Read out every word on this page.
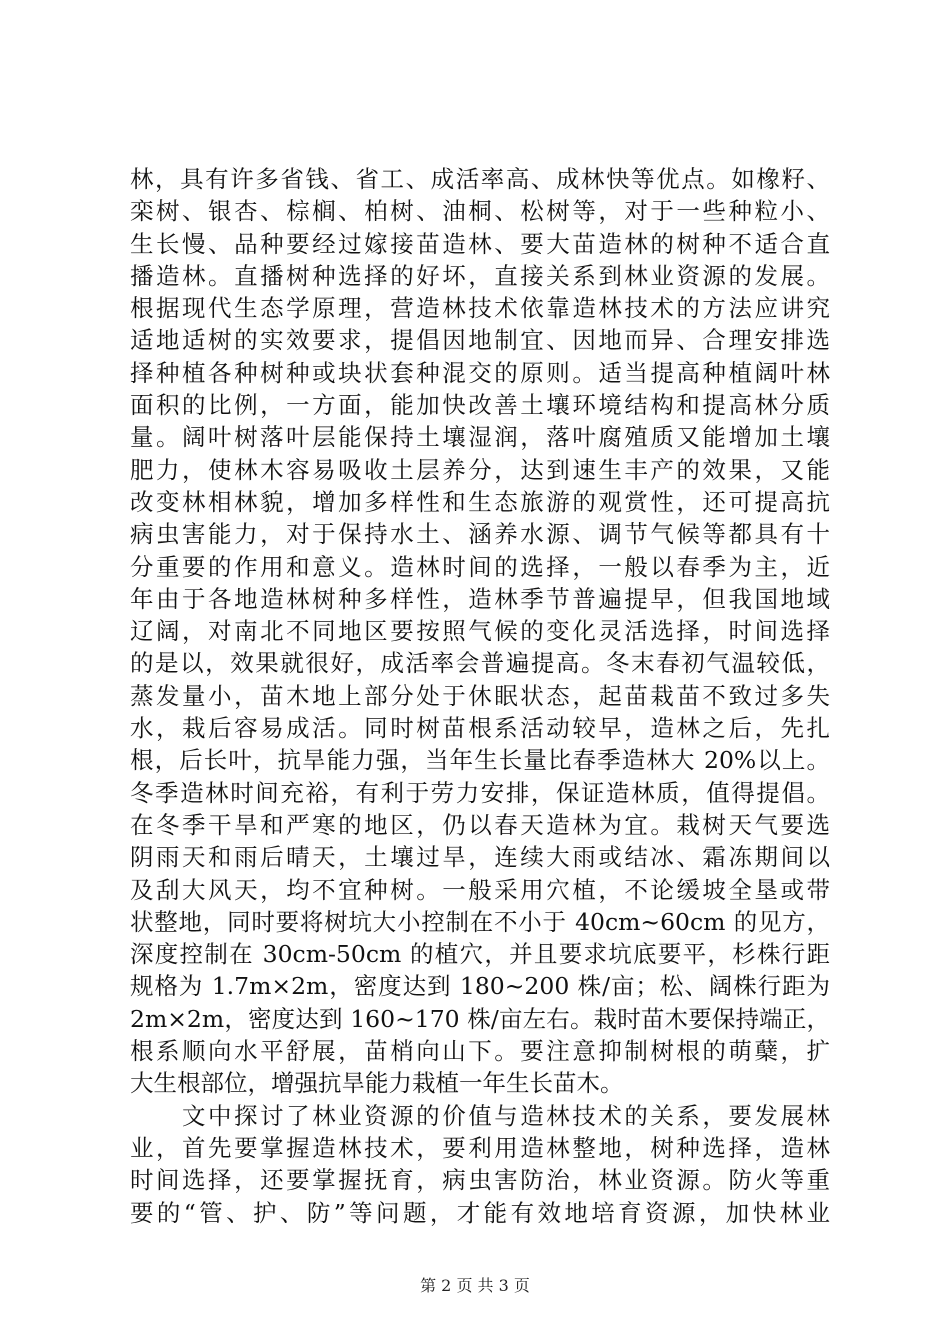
林，具有许多省钱、省工、成活率高、成林快等优点。如橡籽、
栾树、银杏、棕榈、柏树、油桐、松树等，对于一些种粒小、
生长慢、品种要经过嫁接苗造林、要大苗造林的树种不适合直
播造林。直播树种选择的好坏，直接关系到林业资源的发展。
根据现代生态学原理，营造林技术依靠造林技术的方法应讲究
适地适树的实效要求，提倡因地制宜、因地而异、合理安排选
择种植各种树种或块状套种混交的原则。适当提高种植阔叶林
面积的比例，一方面，能加快改善土壤环境结构和提高林分质
量。阔叶树落叶层能保持土壤湿润，落叶腐殖质又能增加土壤
肥力，使林木容易吸收土层养分，达到速生丰产的效果，又能
改变林相林貌，增加多样性和生态旅游的观赏性，还可提高抗
病虫害能力，对于保持水土、涵养水源、调节气候等都具有十
分重要的作用和意义。造林时间的选择，一般以春季为主，近
年由于各地造林树种多样性，造林季节普遍提早，但我国地域
辽阔，对南北不同地区要按照气候的变化灵活选择，时间选择
的是以，效果就很好，成活率会普遍提高。冬末春初气温较低，
蒸发量小，苗木地上部分处于休眠状态，起苗栽苗不致过多失
水，栽后容易成活。同时树苗根系活动较早，造林之后，先扎
根，后长叶，抗旱能力强，当年生长量比春季造林大 20%以上。
冬季造林时间充裕，有利于劳力安排，保证造林质，值得提倡。
在冬季干旱和严寒的地区，仍以春天造林为宜。栽树天气要选
阴雨天和雨后晴天，土壤过旱，连续大雨或结冰、霜冻期间以
及刮大风天，均不宜种树。一般采用穴植，不论缓坡全垦或带
状整地，同时要将树坑大小控制在不小于 40cm~60cm 的见方，
深度控制在 30cm-50cm 的植穴，并且要求坑底要平，杉株行距
规格为 1.7m×2m，密度达到 180~200 株/亩；松、阔株行距为
2m×2m，密度达到 160~170 株/亩左右。栽时苗木要保持端正，
根系顺向水平舒展，苗梢向山下。要注意抑制树根的萌蘖，扩
大生根部位，增强抗旱能力栽植一年生长苗木。
文中探讨了林业资源的价值与造林技术的关系，要发展林
业，首先要掌握造林技术，要利用造林整地，树种选择，造林
时间选择，还要掌握抚育，病虫害防治，林业资源。防火等重
要的“管、护、防”等问题，才能有效地培育资源，加快林业
第 2 页 共 3 页
